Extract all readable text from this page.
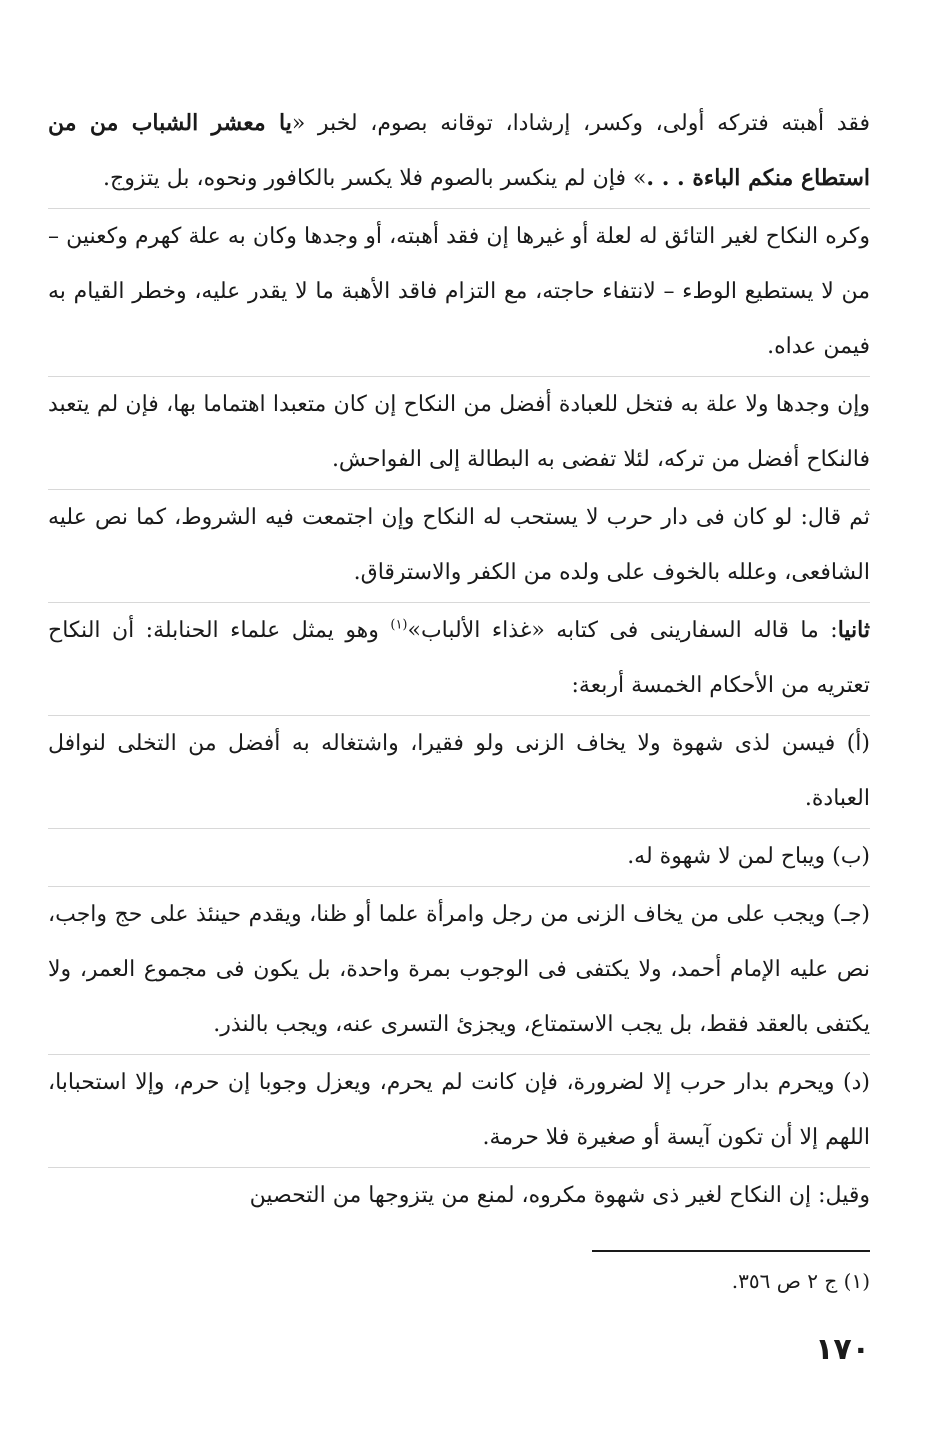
فقد أهبته فتركه أولى، وكسر، إرشادا، توقانه بصوم، لخبر «يا معشر الشباب من من استطاع منكم الباءة . . .» فإن لم ينكسر بالصوم فلا يكسر بالكافور ونحوه، بل يتزوج.

وكره النكاح لغير التائق له لعلة أو غيرها إن فقد أهبته، أو وجدها وكان به علة كهرم وكعنين – من لا يستطيع الوطء – لانتفاء حاجته، مع التزام فاقد الأهبة ما لا يقدر عليه، وخطر القيام به فيمن عداه.

وإن وجدها ولا علة به فتخل للعبادة أفضل من النكاح إن كان متعبدا اهتماما بها، فإن لم يتعبد فالنكاح أفضل من تركه، لئلا تفضى به البطالة إلى الفواحش.

ثم قال: لو كان فى دار حرب لا يستحب له النكاح وإن اجتمعت فيه الشروط، كما نص عليه الشافعى، وعلله بالخوف على ولده من الكفر والاسترقاق.

ثانيا: ما قاله السفارينى فى كتابه «غذاء الألباب»$^{(١)}$ وهو يمثل علماء الحنابلة: أن النكاح تعتريه من الأحكام الخمسة أربعة:

(أ) فيسن لذى شهوة ولا يخاف الزنى ولو فقيرا، واشتغاله به أفضل من التخلى لنوافل العبادة.

(ب) ويباح لمن لا شهوة له.

(جـ) ويجب على من يخاف الزنى من رجل وامرأة علما أو ظنا، ويقدم حينئذ على حج واجب، نص عليه الإمام أحمد، ولا يكتفى فى الوجوب بمرة واحدة، بل يكون فى مجموع العمر، ولا يكتفى بالعقد فقط، بل يجب الاستمتاع، ويجزئ التسرى عنه، ويجب بالنذر.

(د) ويحرم بدار حرب إلا لضرورة، فإن كانت لم يحرم، ويعزل وجوبا إن حرم، وإلا استحبابا، اللهم إلا أن تكون آيسة أو صغيرة فلا حرمة.

وقيل: إن النكاح لغير ذى شهوة مكروه، لمنع من يتزوجها من التحصين

(١) ج ٢ ص ٣٥٦.
١٧٠
